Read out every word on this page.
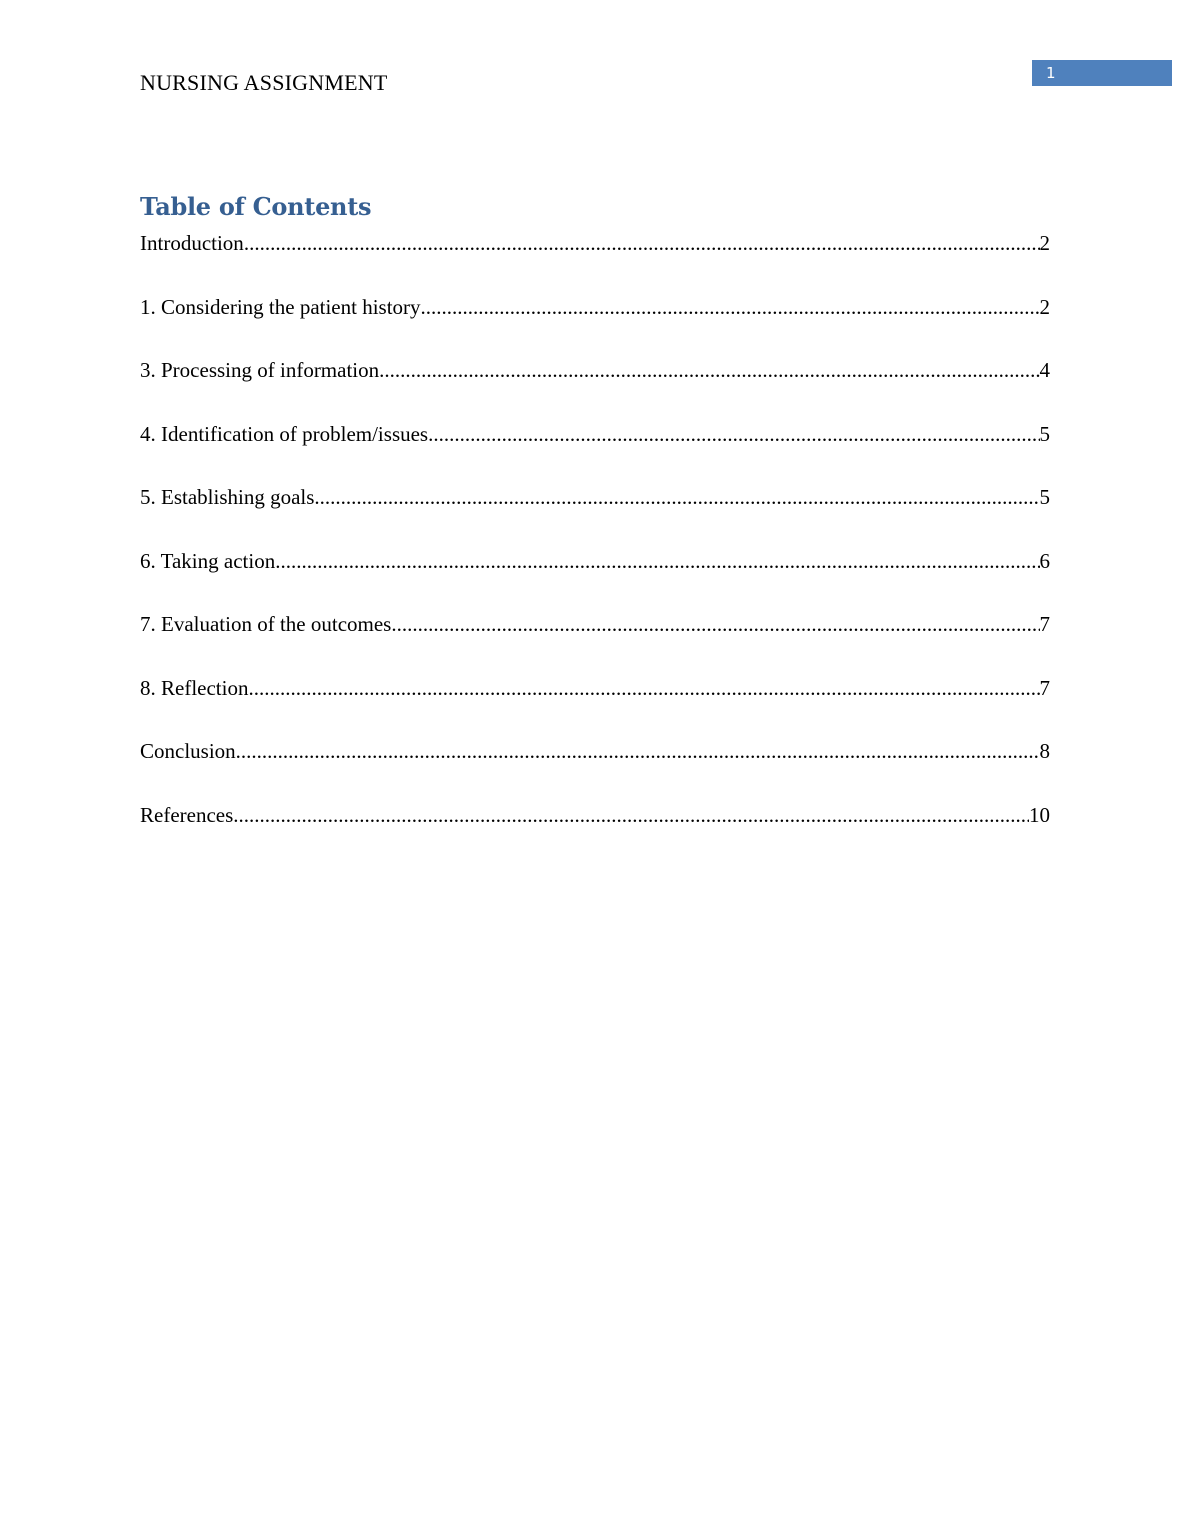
NURSING ASSIGNMENT	1
Table of Contents
Introduction .....	2
1. Considering the patient history .....	2
3. Processing of information .....	4
4. Identification of problem/issues .....	5
5. Establishing goals .....	5
6. Taking action .....	6
7. Evaluation of the outcomes .....	7
8. Reflection .....	7
Conclusion .....	8
References .....	10
